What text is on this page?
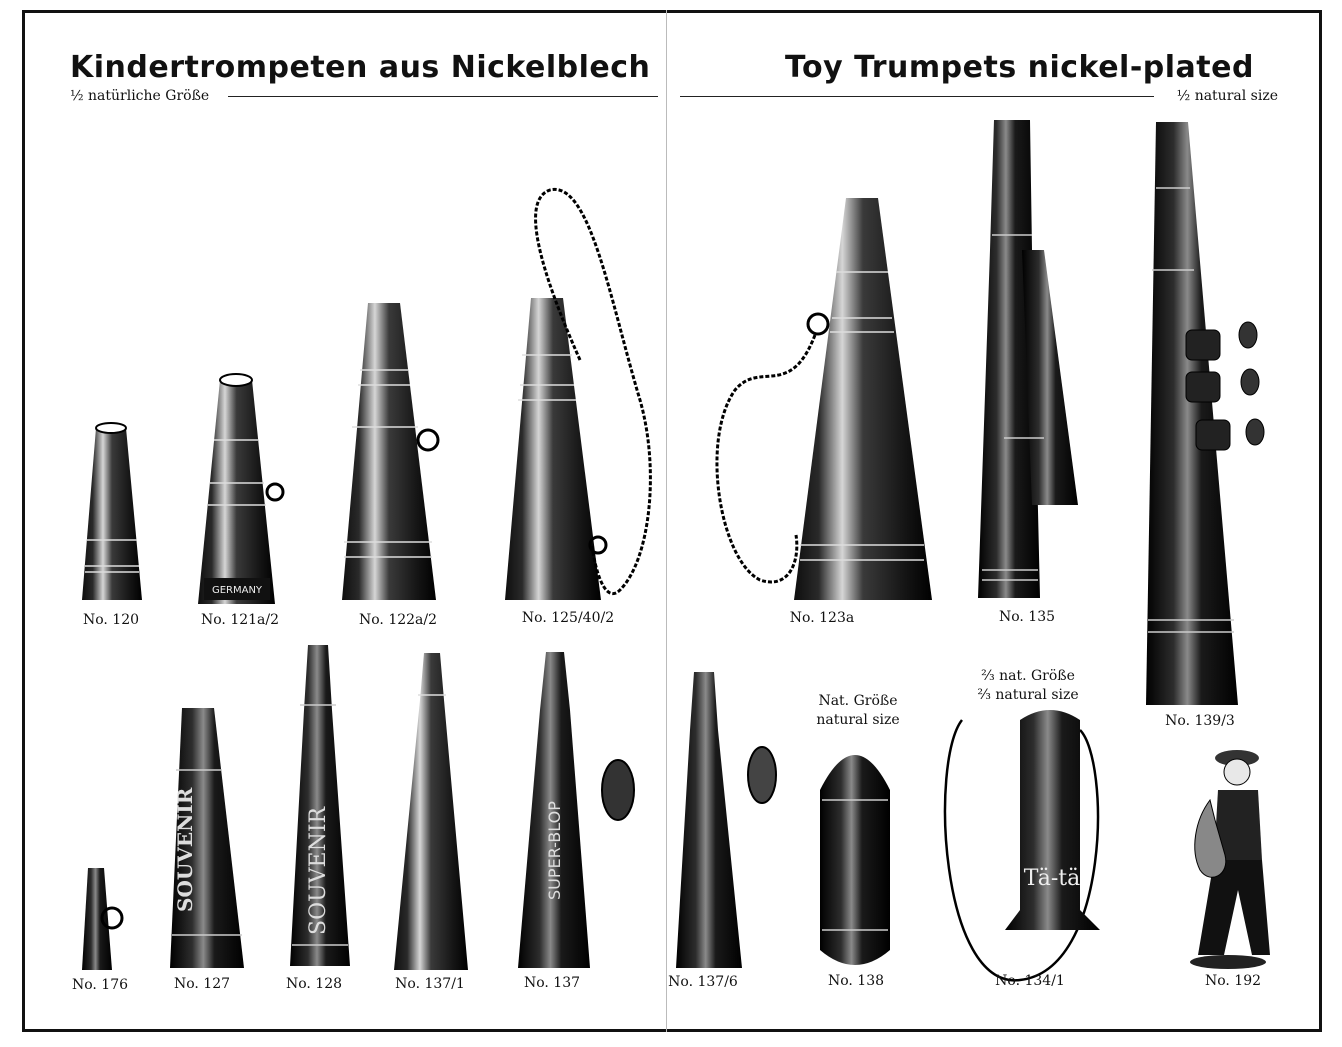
Kindertrompeten aus Nickelblech	Toy Trumpets nickel-plated
½ natürliche Größe	½ natural size
GERMANY
SOUVENIR	SOUVENIR	SUPER-BLOP	Tä-tä
No. 120	No. 121a/2	No. 122a/2	No. 125/40/2	No. 123a	No. 135
No. 139/3
No. 176	No. 127	No. 128	No. 137/1	No. 137	No. 137/6	No. 138	No. 134/1	No. 192
Nat. Größe
natural size
⅔ nat. Größe
⅔ natural size
